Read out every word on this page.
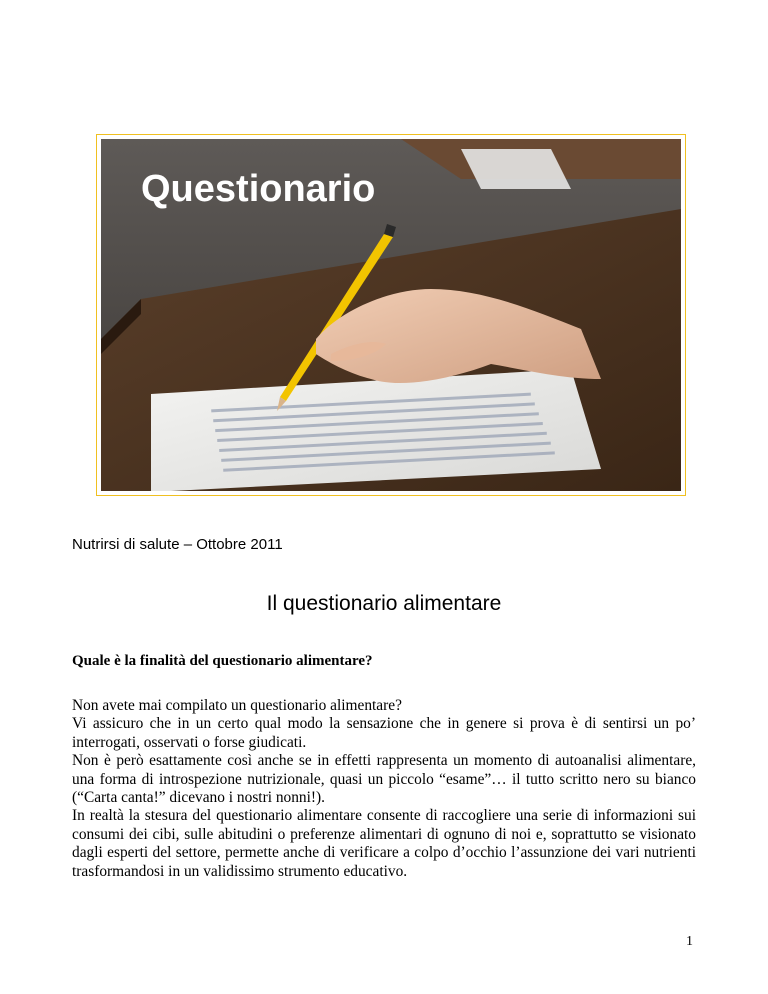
Questionario

Nutrirsi di salute – Ottobre 2011

Il questionario alimentare

Quale è la finalità del questionario alimentare?

Non avete mai compilato un questionario alimentare?
Vi assicuro che in un certo qual modo la sensazione che in genere si prova è di sentirsi un po’ interrogati, osservati o forse giudicati.
Non è però esattamente così anche se in effetti rappresenta un momento di autoanalisi alimentare, una forma di introspezione nutrizionale, quasi un piccolo “esame”… il tutto scritto nero su bianco (“Carta canta!” dicevano i nostri nonni!).
In realtà la stesura del questionario alimentare consente di raccogliere una serie di informazioni sui consumi dei cibi, sulle abitudini o preferenze alimentari di ognuno di noi e, soprattutto se visionato dagli esperti del settore, permette anche di verificare a colpo d’occhio l’assunzione dei vari nutrienti trasformandosi in un validissimo strumento educativo.
1
